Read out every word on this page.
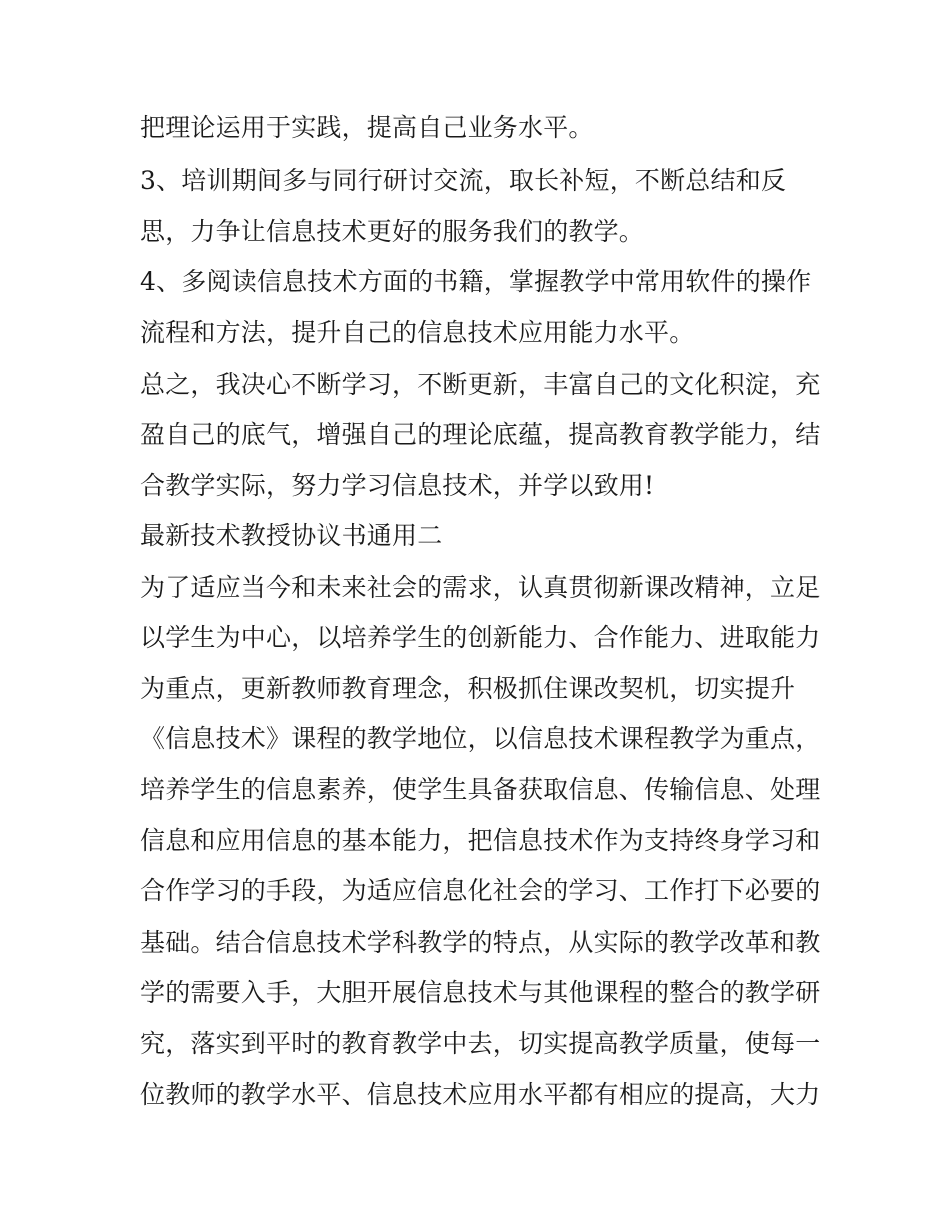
把理论运用于实践，提高自己业务水平。
3、培训期间多与同行研讨交流，取长补短，不断总结和反
思，力争让信息技术更好的服务我们的教学。
4、多阅读信息技术方面的书籍，掌握教学中常用软件的操作
流程和方法，提升自己的信息技术应用能力水平。
总之，我决心不断学习，不断更新，丰富自己的文化积淀，充
盈自己的底气，增强自己的理论底蕴，提高教育教学能力，结
合教学实际，努力学习信息技术，并学以致用!
最新技术教授协议书通用二
为了适应当今和未来社会的需求，认真贯彻新课改精神，立足
以学生为中心，以培养学生的创新能力、合作能力、进取能力
为重点，更新教师教育理念，积极抓住课改契机，切实提升
《信息技术》课程的教学地位，以信息技术课程教学为重点，
培养学生的信息素养，使学生具备获取信息、传输信息、处理
信息和应用信息的基本能力，把信息技术作为支持终身学习和
合作学习的手段，为适应信息化社会的学习、工作打下必要的
基础。结合信息技术学科教学的特点，从实际的教学改革和教
学的需要入手，大胆开展信息技术与其他课程的整合的教学研
究，落实到平时的教育教学中去，切实提高教学质量，使每一
位教师的教学水平、信息技术应用水平都有相应的提高，大力
